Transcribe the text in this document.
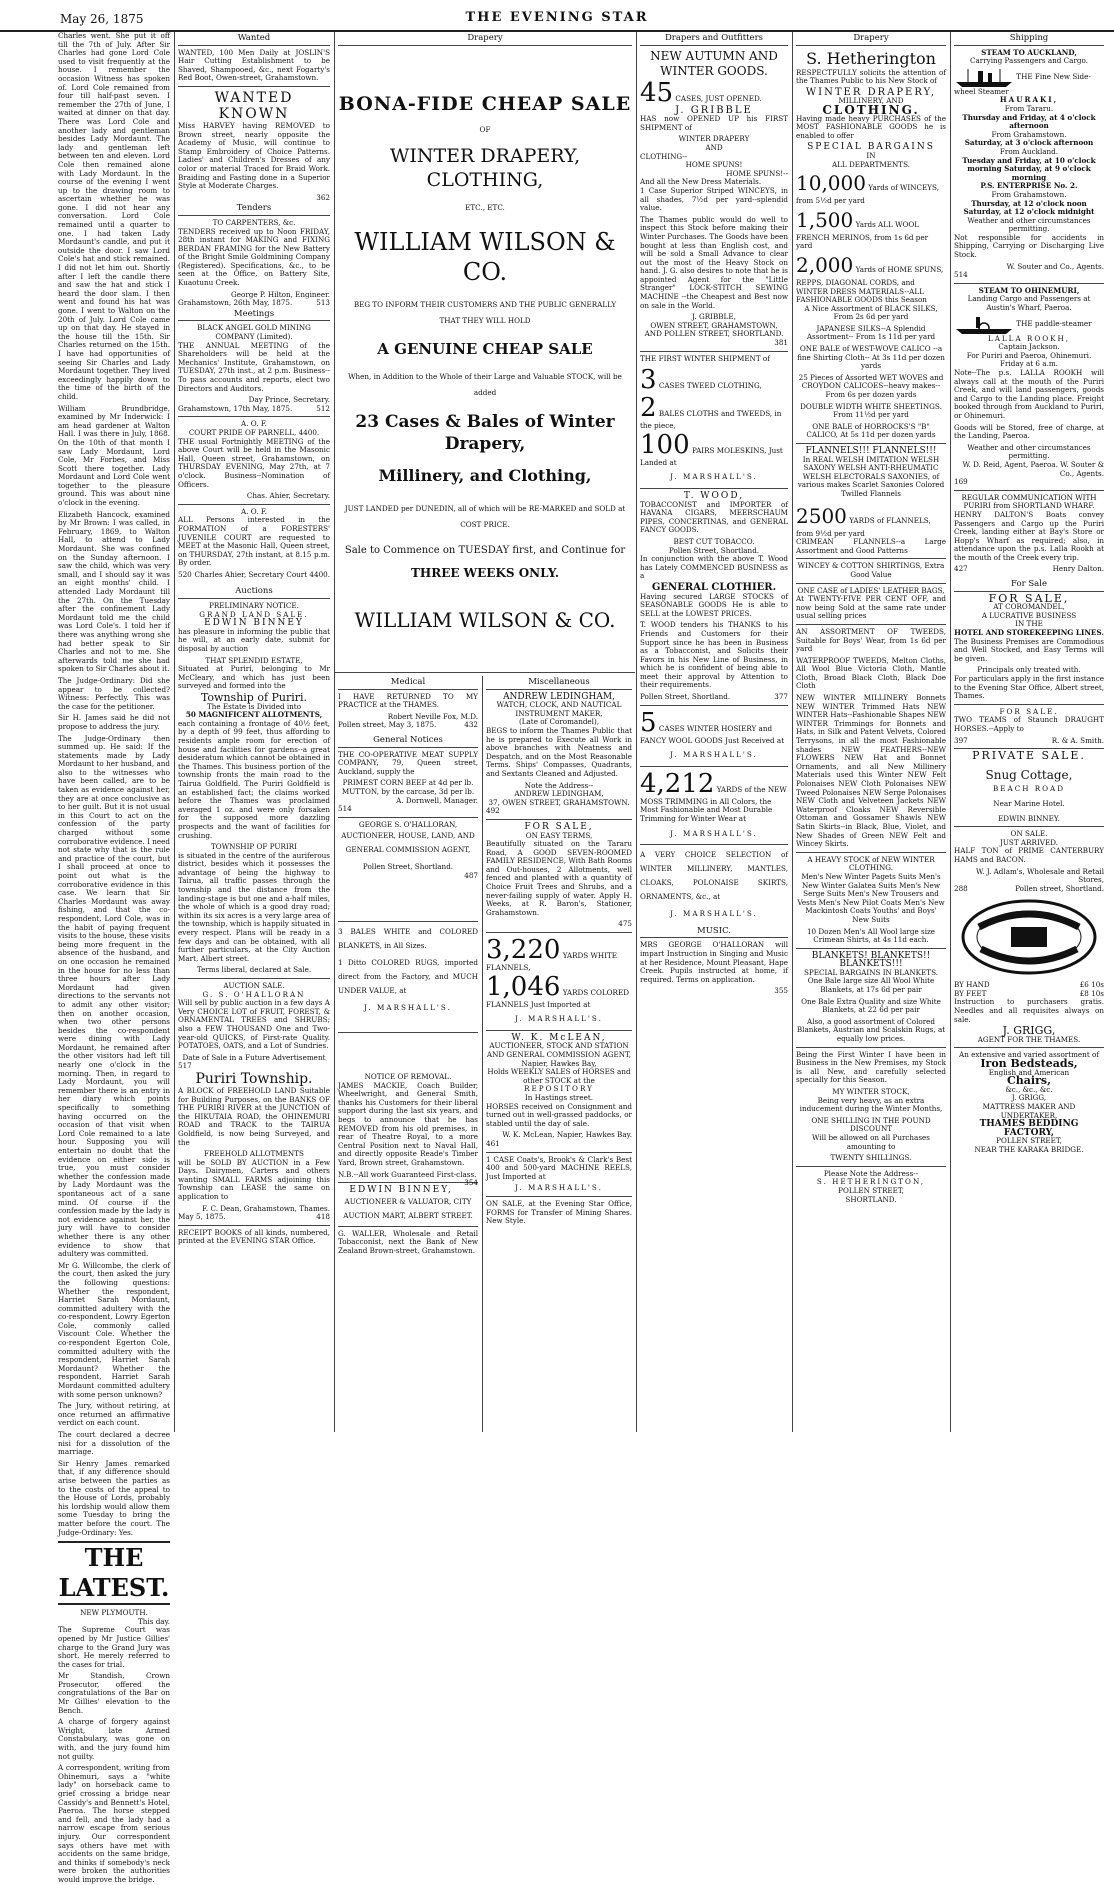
May 26, 1875	THE EVENING STAR

Charles went. She put it off till the 7th of July. After Sir Charles had gone Lord Cole used to visit frequently at the house. I remember the occasion Witness has spoken of. Lord Cole remained from four till half-past seven. I remember the 27th of June, I waited at dinner on that day. There was Lord Cole and another lady and gentleman besides Lady Mordaunt. The lady and gentleman left between ten and eleven. Lord Cole then remained alone with Lady Mordaunt. In the course of the evening I went up to the drawing room to ascertain whether he was gone. I did not hear any conversation. Lord Cole remained until a quarter to one. I had taken Lady Mordaunt's candle, and put it outside the door. I saw Lord Cole's hat and stick remained. I did not let him out. Shortly after I left the candle there and saw the hat and stick I heard the door slam. I then went and found his hat was gone. I went to Walton on the 20th of July. Lord Cole came up on that day. He stayed in the house till the 15th. Sir Charles returned on the 15th. I have had opportunities of seeing Sir Charles and Lady Mordaunt together. They lived exceedingly happily down to the time of the birth of the child.

William Brundbridge, examined by Mr Inderwick: I am head gardener at Walton Hall. I was there in July, 1868. On the 10th of that month I saw Lady Mordaunt, Lord Cole, Mr Forbes, and Miss Scott there together. Lady Mordaunt and Lord Cole went together to the pleasure ground. This was about nine o'clock in the evening.

Elizabeth Hancock, examined by Mr Brown: I was called, in February, 1869, to Walton Hall, to attend to Lady Mordaunt. She was confined on the Sunday afternoon. I saw the child, which was very small, and I should say it was an eight months' child. I attended Lady Mordaunt till the 27th. On the Tuesday after the confinement Lady Mordaunt told me the child was Lord Cole's. I told her if there was anything wrong she had better speak to Sir Charles and not to me. She afterwards told me she had spoken to Sir Charles about it.

The Judge-Ordinary: Did she appear to be collected? Witness: Perfectly. This was the case for the petitioner.

Sir H. James said he did not propose to address the jury.

The Judge-Ordinary then summed up. He said: If the statements made by Lady Mordaunt to her husband, and also to the witnesses who have been called, are to be taken as evidence against her, they are at once conclusive as to her guilt. But it is not usual in this Court to act on the confession of the party charged without some corroborative evidence. I need not state why that is the rule and practice of the court, but I shall proceed at once to point out what is the corroborative evidence in this case. We learn that Sir Charles Mordaunt was away fishing, and that the co-respondent, Lord Cole, was in the habit of paying frequent visits to the house, these visits being more frequent in the absence of the husband, and on one occasion he remained in the house for no less than three hours after Lady Mordaunt had given directions to the servants not to admit any other visitor; then on another occasion, when two other persons besides the co-respondent were dining with Lady Mordaunt, he remained after the other visitors had left till nearly one o'clock in the morning. Then, in regard to Lady Mordaunt, you will remember there is an entry in her diary which points specifically to something having occurred on the occasion of that visit when Lord Cole remained to a late hour. Supposing you will entertain no doubt that the evidence on either side is true, you must consider whether the confession made by Lady Mordaunt was the spontaneous act of a sane mind. Of course if the confession made by the lady is not evidence against her, the jury will have to consider whether there is any other evidence to show that adultery was committed.

Mr G. Willcombe, the clerk of the court, then asked the jury the following questions: Whether the respondent, Harriet Sarah Mordaunt, committed adultery with the co-respondent, Lowry Egerton Cole, commonly called Viscount Cole. Whether the co-respondent Egerton Cole, committed adultery with the respondent, Harriet Sarah Mordaunt? Whether the respondent, Harriet Sarah Mordaunt committed adultery with some person unknown?

The Jury, without retiring, at once returned an affirmative verdict on each count.

The court declared a decree nisi for a dissolution of the marriage.

Sir Henry James remarked that, if any difference should arise between the parties as to the costs of the appeal to the House of Lords, probably his lordship would allow them some Tuesday to bring the matter before the court. The Judge-Ordinary: Yes.

THE LATEST.
NEW PLYMOUTH.
This day.

The Supreme Court was opened by Mr Justice Gillies' charge to the Grand Jury was short. He merely referred to the cases for trial.

Mr Standish, Crown Prosecutor, offered the congratulations of the Bar on Mr Gillies' elevation to the Bench.

A charge of forgery against Wright, late Armed Constabulary, was gone on with, and the jury found him not guilty.

A correspondent, writing from Ohinemuri, says a "white lady" on horseback came to grief crossing a bridge near Cassidy's and Bennett's Hotel, Paeroa. The horse stepped and fell, and the lady had a narrow escape from serious injury. Our correspondent says others have met with accidents on the same bridge, and thinks if somebody's neck were broken the authorities would improve the bridge.

Wanted

WANTED, 100 Men Daily at JOSLIN'S Hair Cutting Establishment to be Shaved, Shampooed, &c., next Fogarty's Red Boot, Owen-street, Grahamstown.

WANTED KNOWN

Miss HARVEY having REMOVED to Brown street, nearly opposite the Academy of Music, will continue to Stamp Embroidery of Choice Patterns. Ladies' and Children's Dresses of any color or material Traced for Braid Work. Braiding and Fasting done in a Superior Style at Moderate Charges.

362
Tenders
TO CARPENTERS, &c.

TENDERS received up to Noon FRIDAY, 28th instant for MAKING and FIXING BERDAN FRAMING for the New Battery of the Bright Smile Goldmining Company (Registered). Specifications, &c., to be seen at the Office, on Battery Site, Kuaotunu Creek.

George P. Hilton, Engineer.
Grahamstown, 26th May, 1875.	513
Meetings
BLACK ANGEL GOLD MINING COMPANY (Limited).

THE ANNUAL MEETING of the Shareholders will be held at the Mechanics' Institute, Grahamstown, on TUESDAY, 27th inst., at 2 p.m. Business--To pass accounts and reports, elect two Directors and Auditors.

Day Prince, Secretary.
Grahamstown, 17th May, 1875.	512
A. O. F.
COURT PRIDE OF PARNELL, 4400.

THE usual Fortnightly MEETING of the above Court will be held in the Masonic Hall, Queen street, Grahamstown, on THURSDAY EVENING, May 27th, at 7 o'clock. Business--Nomination of Officers.

Chas. Ahier, Secretary.
A. O. F.

ALL Persons interested in the FORMATION of a FORESTERS' JUVENILE COURT are requested to MEET at the Masonic Hall, Queen street, on THURSDAY, 27th instant, at 8.15 p.m. By order.

520 Charles Ahier, Secretary Court 4400.
Auctions
PRELIMINARY NOTICE.
GRAND LAND SALE.
EDWIN BINNEY

has pleasure in informing the public that he will, at an early date, submit for disposal by auction

THAT SPLENDID ESTATE,

Situated at Puriri, belonging to Mr McCleary, and which has just been surveyed and formed into the

Township of Puriri.
The Estate is Divided into
50 MAGNIFICENT ALLOTMENTS,

each containing a frontage of 40½ feet, by a depth of 99 feet, thus affording to residents ample room for erection of house and facilities for gardens--a great desideratum which cannot be obtained in the Thames. This business portion of the township fronts the main road to the Tairua Goldfield. The Puriri Goldfield is an established fact; the claims worked before the Thames was proclaimed averaged 1 oz. and were only forsaken for the supposed more dazzling prospects and the want of facilities for crushing.

TOWNSHIP OF PURIRI

is situated in the centre of the auriferous district, besides which it possesses the advantage of being the highway to Tairua, all traffic passes through the township and the distance from the landing-stage is but one and a-half miles, the whole of which is a good dray road; within its six acres is a very large area of the township, which is happily situated in every respect. Plans will be ready in a few days and can be obtained, with all further particulars, at the City Auction Mart, Albert street.

Terms liberal, declared at Sale.
AUCTION SALE.
G. S. O'HALLORAN

Will sell by public auction in a few days A Very CHOICE LOT of FRUIT, FOREST, & ORNAMENTAL TREES and SHRUBS; also a FEW THOUSAND One and Two-year-old QUICKS, of First-rate Quality. POTATOES, OATS, and a Lot of Sundries.

Date of Sale in a Future Advertisement
517
Puriri Township.

A BLOCK of FREEHOLD LAND Suitable for Building Purposes, on the BANKS OF THE PURIRI RIVER at the JUNCTION of the HIKUTAIA ROAD, the OHINEMURI ROAD and TRACK to the TAIRUA Goldfield, is now being Surveyed, and the

FREEHOLD ALLOTMENTS

will be SOLD BY AUCTION in a Few Days. Dairymen, Carters and others wanting SMALL FARMS adjoining this Township can LEASE the same on application to

F. C. Dean, Grahamstown, Thames.
May 5, 1875.	418

RECEIPT BOOKS of all kinds, numbered, printed at the EVENING STAR Office.

Drapery
BONA-FIDE CHEAP SALE
OF
WINTER DRAPERY, CLOTHING,
ETC., ETC.
WILLIAM WILSON & CO.
BEG TO INFORM THEIR CUSTOMERS AND THE PUBLIC GENERALLY THAT THEY WILL HOLD
A GENUINE CHEAP SALE
When, in Addition to the Whole of their Large and Valuable STOCK, will be added
23 Cases & Bales of Winter Drapery,
Millinery, and Clothing,
JUST LANDED per DUNEDIN, all of which will be RE-MARKED and SOLD at COST PRICE.
Sale to Commence on TUESDAY first, and Continue for
THREE WEEKS ONLY.
WILLIAM WILSON & CO.
Medical

I HAVE RETURNED TO MY PRACTICE at the THAMES.

Robert Neville Fox, M.D.
Pollen street, May 3, 1875.	432
General Notices

THE CO-OPERATIVE MEAT SUPPLY COMPANY, 79, Queen street, Auckland, supply the

PRIMEST CORN BEEF at 4d per lb. MUTTON, by the carcase, 3d per lb.
A. Dornwell, Manager.
514
GEORGE S. O'HALLORAN,
AUCTIONEER, HOUSE, LAND, AND GENERAL COMMISSION AGENT,
Pollen Street, Shortland.
487

3 BALES WHITE and COLORED BLANKETS, in All Sizes.

1 Ditto COLORED RUGS, imported direct from the Factory, and MUCH UNDER VALUE, at

J. MARSHALL'S.
NOTICE OF REMOVAL.

JAMES MACKIE, Coach Builder, Wheelwright, and General Smith, thanks his Customers for their liberal support during the last six years, and begs to announce that he has REMOVED from his old premises, in rear of Theatre Royal, to a more Central Position next to Naval Hall, and directly opposite Reade's Timber Yard, Brown street, Grahamstown.

N.B.--All work Guaranteed First-class.
354
EDWIN BINNEY,
AUCTIONEER & VALUATOR, CITY AUCTION MART, ALBERT STREET.

G. WALLER, Wholesale and Retail Tobacconist, next the Bank of New Zealand Brown-street, Grahamstown.

Miscellaneous
ANDREW LEDINGHAM,
WATCH, CLOCK, AND NAUTICAL INSTRUMENT MAKER,
(Late of Coromandel),

BEGS to inform the Thames Public that he is prepared to Execute all Work in above branches with Neatness and Despatch, and on the Most Reasonable Terms. Ships' Compasses, Quadrants, and Sextants Cleaned and Adjusted.

Note the Address--
ANDREW LEDINGHAM,
37, OWEN STREET, GRAHAMSTOWN.
492
FOR SALE,
ON EASY TERMS,

Beautifully situated on the Tararu Road, A GOOD SEVEN-ROOMED FAMILY RESIDENCE, With Bath Rooms and Out-houses, 2 Allotments, well fenced and planted with a quantity of Choice Fruit Trees and Shrubs, and a never-failing supply of water. Apply H. Weeks, at R. Baron's, Stationer, Grahamstown.

475
3,220 YARDS WHITE FLANNELS,
1,046 YARDS COLORED FLANNELS Just Imported at
J. MARSHALL'S.
W. K. McLEAN,
AUCTIONEER, STOCK AND STATION AND GENERAL COMMISSION AGENT,
Napier, Hawkes Bay,
Holds WEEKLY SALES of HORSES and other STOCK at the
REPOSITORY
In Hastings street.

HORSES received on Consignment and turned out in well-grassed paddocks, or stabled until the day of sale.

W. K. McLean, Napier, Hawkes Bay.
461

1 CASE Coats's, Brook's & Clark's Best 400 and 500-yard MACHINE REELS, Just Imported at

J. MARSHALL'S.

ON SALE, at the Evening Star Office, FORMS for Transfer of Mining Shares. New Style.

Drapers and Outfitters
NEW AUTUMN AND WINTER GOODS.
45 CASES, JUST OPENED.
J. GRIBBLE

HAS now OPENED UP his FIRST SHIPMENT of

WINTER DRAPERY
AND
CLOTHING--
HOME SPUNS!
HOME SPUNS!--
And all the New Dress Materials.

1 Case Superior Striped WINCEYS, in all shades, 7½d per yard--splendid value.

The Thames public would do well to inspect this Stock before making their Winter Purchases. The Goods have been bought at less than English cost, and will be sold a Small Advance to clear out the most of the Heavy Stock on hand. J. G. also desires to note that he is appointed Agent for the "Little Stranger" LOCK-STITCH SEWING MACHINE --the Cheapest and Best now on sale in the World.

J. GRIBBLE,
OWEN STREET, GRAHAMSTOWN,
AND POLLEN STREET, SHORTLAND.
381

THE FIRST WINTER SHIPMENT of

3 CASES TWEED CLOTHING,
2 BALES CLOTHS and TWEEDS, in the piece,
100 PAIRS MOLESKINS, Just Landed at
J. MARSHALL'S.
T. WOOD,

TOBACCONIST and IMPORTER of HAVANA CIGARS, MEERSCHAUM PIPES, CONCERTINAS, and GENERAL FANCY GOODS.

BEST CUT TOBACCO.
Pollen Street, Shortland.

In conjunction with the above T. Wood has Lately COMMENCED BUSINESS as a

GENERAL CLOTHIER.

Having secured LARGE STOCKS of SEASONABLE GOODS He is able to SELL at the LOWEST PRICES.

T. WOOD tenders his THANKS to his Friends and Customers for their Support since he has been in Business as a Tobacconist, and Solicits their Favors in his New Line of Business, in which he is confident of being able to meet their approval by Attention to their requirements.

Pollen Street, Shortland.	377
5 CASES WINTER HOSIERY and FANCY WOOL GOODS Just Received at
J. MARSHALL'S.
4,212 YARDS of the NEW MOSS TRIMMING in All Colors, the Most Fashionable and Most Durable Trimming for Winter Wear at
J. MARSHALL'S.

A VERY CHOICE SELECTION of WINTER MILLINERY, MANTLES, CLOAKS, POLONAISE SKIRTS, ORNAMENTS, &c., at

J. MARSHALL'S.
MUSIC.

MRS GEORGE O'HALLORAN will impart Instruction in Singing and Music at her Residence, Mount Pleasant, Hape Creek. Pupils instructed at home, if required. Terms on application.

355
Drapery
S. Hetherington

RESPECTFULLY solicits the attention of the Thames Public to his New Stock of

WINTER DRAPERY,
MILLINERY, AND
CLOTHING.

Having made heavy PURCHASES of the MOST FASHIONABLE GOODS he is enabled to offer

SPECIAL BARGAINS
IN
ALL DEPARTMENTS.
10,000 Yards of WINCEYS, from 5½d per yard
1,500 Yards ALL WOOL FRENCH MERINOS, from 1s 6d per yard
2,000 Yards of HOME SPUNS, REPPS, DIAGONAL CORDS, and WINTER DRESS MATERIALS--ALL FASHIONABLE GOODS this Season

A Nice Assortment of BLACK SILKS, From 2s 6d per yard

JAPANESE SILKS--A Splendid Assortment-- From 1s 11d per yard

ONE BALE of WEST-WOVE CALICO --a fine Shirting Cloth-- At 3s 11d per dozen yards

25 Pieces of Assorted WET WOVES and CROYDON CALICOES--heavy makes-- From 6s per dozen yards

DOUBLE WIDTH WHITE SHEETINGS. From 11½d per yard

ONE BALE of HORROCKS'S "B" CALICO, At 5s 11d per dozen yards

FLANNELS!!! FLANNELS!!!

In REAL WELSH IMITATION WELSH SAXONY WELSH ANTI-RHEUMATIC WELSH ELECTORALS SAXONIES, of various makes Scarlet Saxonies Colored Twilled Flannels

2500 YARDS of FLANNELS, from 9½d per yard

CRIMEAN FLANNELS--a Large Assortment and Good Patterns

WINCEY & COTTON SHIRTINGS, Extra Good Value

ONE CASE of LADIES' LEATHER BAGS,

At TWENTY-FIVE PER CENT OFF, and now being Sold at the same rate under usual selling prices

AN ASSORTMENT OF TWEEDS, Suitable for Boys' Wear, from 1s 6d per yard

WATERPROOF TWEEDS, Melton Cloths, All Wool Blue Victoria Cloth, Mantle Cloth, Broad Black Cloth, Black Doe Cloth

NEW WINTER MILLINERY Bonnets NEW WINTER Trimmed Hats NEW WINTER Hats--Fashionable Shapes NEW WINTER Trimmings for Bonnets and Hats, in Silk and Patent Velvets, Colored Terrysons, in all the most Fashionable shades NEW FEATHERS--NEW FLOWERS NEW Hat and Bonnet Ornaments, and all New Millinery Materials used this Winter NEW Felt Polonaises NEW Cloth Polonaises NEW Tweed Polonaises NEW Serge Polonaises NEW Cloth and Velveteen Jackets NEW Waterproof Cloaks NEW Reversible Ottoman and Gossamer Shawls NEW Satin Skirts--in Black, Blue, Violet, and New Shades of Green NEW Felt and Wincey Skirts.

A HEAVY STOCK of NEW WINTER CLOTHING.

Men's New Winter Pagets Suits Men's New Winter Galatea Suits Men's New Serge Suits Men's New Trousers and Vests Men's New Pilot Coats Men's New Mackintosh Coats Youths' and Boys' New Suits

10 Dozen Men's All Wool large size Crimean Shirts, at 4s 11d each.

BLANKETS! BLANKETS!! BLANKETS!!!
SPECIAL BARGAINS IN BLANKETS.

One Bale large size All Wool White Blankets, at 17s 6d per pair

One Bale Extra Quality and size White Blankets, at 22 6d per pair

Also, a good assortment of Colored Blankets, Austrian and Scalskin Rugs, at equally low prices.

Being the First Winter I have been in Business in the New Premises, my Stock is all New, and carefully selected specially for this Season.

MY WINTER STOCK,

Being very heavy, as an extra inducement during the Winter Months,

ONE SHILLING IN THE POUND DISCOUNT

Will be allowed on all Purchases amounting to

TWENTY SHILLINGS.
Please Note the Address--
S. HETHERINGTON,
POLLEN STREET,
SHORTLAND.
Shipping
STEAM TO AUCKLAND,
Carrying Passengers and Cargo.
THE Fine New Side-wheel Steamer
HAURAKI,
From Tararu.
Thursday and Friday, at 4 o'clock afternoon
From Grahamstown.
Saturday, at 3 o'clock afternoon
From Auckland.
Tuesday and Friday, at 10 o'clock morning Saturday, at 9 o'clock morning
P.S. ENTERPRISE No. 2.
From Grahamstown.
Thursday, at 12 o'clock noon Saturday, at 12 o'clock midnight
Weather and other circumstances permitting.

Not responsible for accidents in Shipping, Carrying or Discharging Live Stock.

W. Souter and Co., Agents.
514
STEAM TO OHINEMURI,
Landing Cargo and Passengers at Austin's Wharf, Paeroa.
THE paddle-steamer
LALLA ROOKH,
Captain Jackson.
For Puriri and Paeroa, Ohinemuri.
Friday at 6 a.m.

Note--The p.s. LALLA ROOKH will always call at the mouth of the Puriri Creek, and will land passengers, goods and Cargo to the Landing place. Freight booked through from Auckland to Puriri, or Ohinemuri.

Goods will be Stored, free of charge, at the Landing, Paeroa.

Weather and other circumstances permitting.
W. D. Reid, Agent, Paeroa. W. Souter & Co., Agents.
169
REGULAR COMMUNICATION WITH PURIRI from SHORTLAND WHARF.

HENRY DALTON'S Boats convey Passengers and Cargo up the Puriri Creek, landing either at Bay's Store or Hopp's Wharf as required; also, in attendance upon the p.s. Lalla Rookh at the mouth of the Creek every trip.

427	Henry Dalton.
For Sale
FOR SALE,
AT COROMANDEL,
A LUCRATIVE BUSINESS
IN THE
HOTEL AND STOREKEEPING LINES.

The Business Premises are Commodious and Well Stocked, and Easy Terms will be given.

Principals only treated with.

For particulars apply in the first instance to the Evening Star Office, Albert street, Thames.

FOR SALE.

TWO TEAMS of Staunch DRAUGHT HORSES.--Apply to

397	R. & A. Smith.
PRIVATE SALE.
Snug Cottage,
BEACH ROAD
Near Marine Hotel.
EDWIN BINNEY.
ON SALE.
JUST ARRIVED.

HALF TON of PRIME CANTERBURY HAMS and BACON.

W. J. Adlam's, Wholesale and Retail Stores,
288	Pollen street, Shortland.
BY HAND	£6 10s
BY FEET	£8 10s

Instruction to purchasers gratis. Needles and all requisites always on sale.

J. GRIGG,
AGENT FOR THE THAMES.
An extensive and varied assortment of
Iron Bedsteads,
English and American
Chairs,
&c., &c., &c.
J. GRIGG,
MATTRESS MAKER AND UNDERTAKER,
THAMES BEDDING FACTORY,
POLLEN STREET,
NEAR THE KARAKA BRIDGE.
